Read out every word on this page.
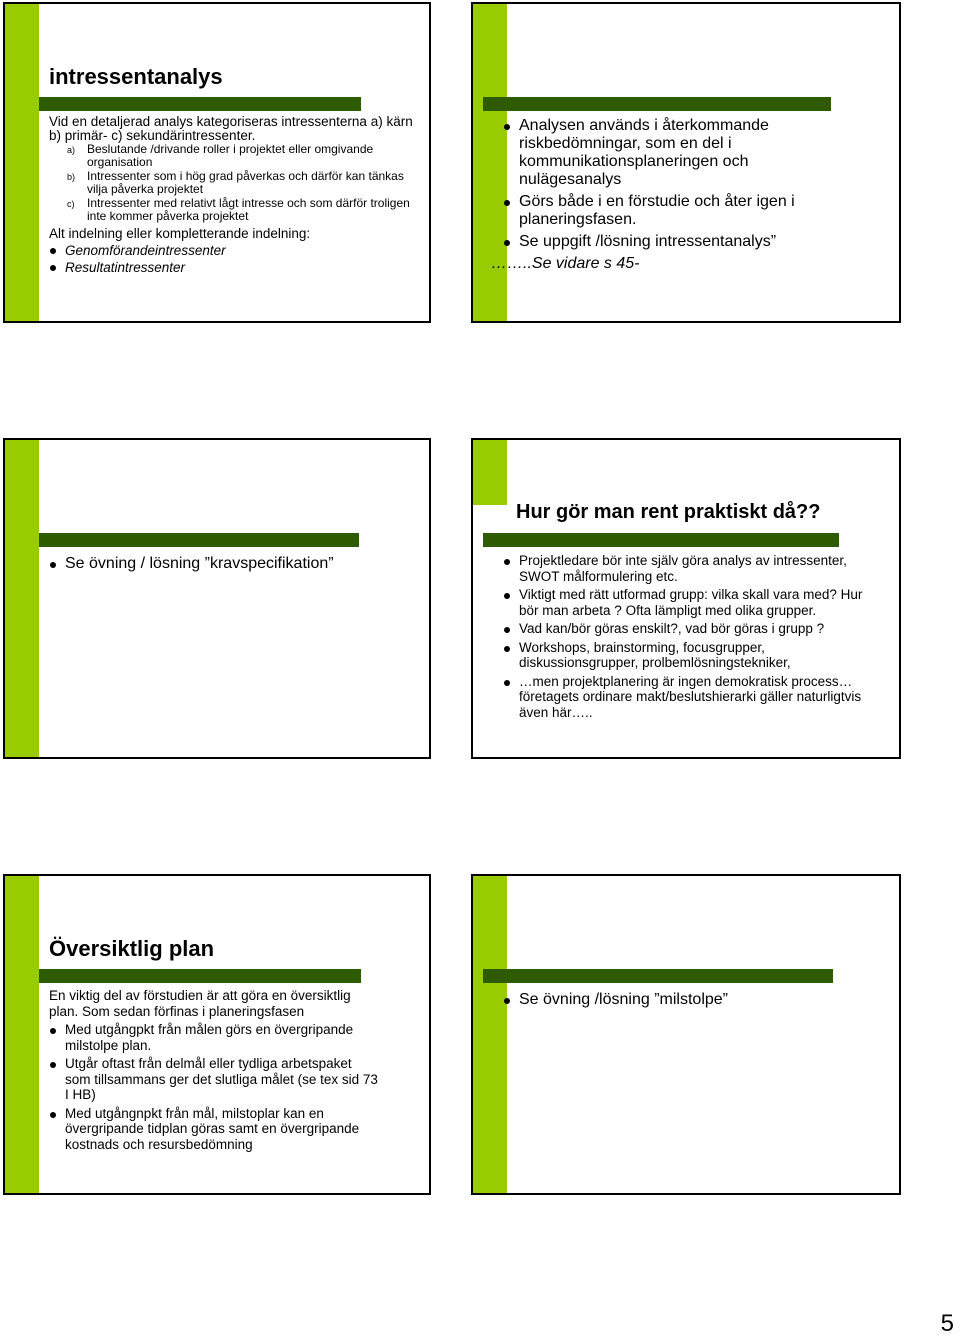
intressentanalys
Vid en detaljerad analys kategoriseras intressenterna a) kärn b) primär- c) sekundärintressenter.
a) Beslutande /drivande roller i projektet eller omgivande organisation
b) Intressenter som i hög grad påverkas och därför kan tänkas vilja påverka projektet
c) Intressenter med relativt lågt intresse och som därför troligen inte kommer påverka projektet
Alt indelning eller kompletterande indelning:
Genomförandeintressenter
Resultatintressenter
Analysen används i återkommande riskbedömningar, som en del i kommunikationsplaneringen och nulägesanalys
Görs både i en förstudie och åter igen i planeringsfasen.
Se uppgift /lösning intressentanalys”
……..Se vidare s 45-
Se övning / lösning ”kravspecifikation”
Hur gör man rent praktiskt då??
Projektledare bör inte själv göra analys av intressenter, SWOT målformulering etc.
Viktigt med rätt utformad grupp: vilka skall vara med? Hur bör man arbeta ? Ofta lämpligt med olika grupper.
Vad kan/bör göras enskilt?, vad bör göras i grupp ?
Workshops, brainstorming, focusgrupper, diskussionsgrupper, prolbemlösningstekniker,
…men projektplanering är ingen demokratisk process…företagets ordinare makt/beslutshierarki gäller naturligtvis även här…..
Översiktlig plan
En viktig del av förstudien är att göra en översiktlig plan. Som sedan förfinas i planeringsfasen
Med utgångpkt från målen görs en övergripande milstolpe plan.
Utgår oftast från delmål eller tydliga arbetspaket som tillsammans ger det slutliga målet (se tex sid 73 I HB)
Med utgångnpkt från mål, milstoplar kan en övergripande tidplan göras samt en övergripande kostnads och resursbedömning
Se övning /lösning ”milstolpe”
5
